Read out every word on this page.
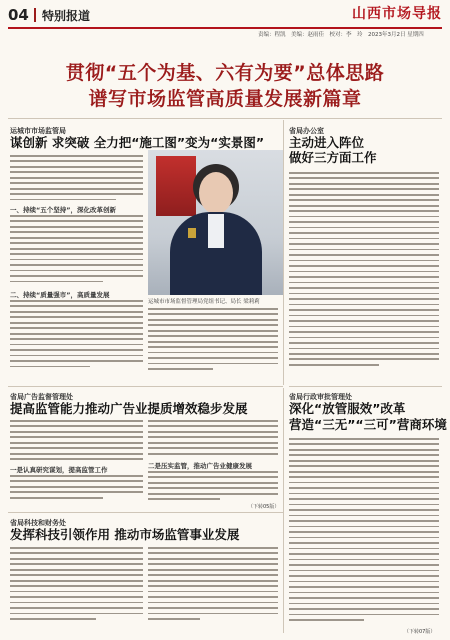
04 特别报道	山西市场导报
责编：程凯　美编：赵雨佳　校对：李　玲　2023年3月2日 星期四
贯彻“五个为基、六有为要”总体思路
谱写市场监管高质量发展新篇章
运城市市场监管局
谋创新 求突破 全力把“施工图”变为“实景图”
省局办公室
主动进入阵位
做好三方面工作
一、持续“五个坚持”，深化改革创新
二、持续“质量强市”，高质量发展
运城市市场监督管理局党组书记、局长 梁莉莉
省局广告监督管理处
提高监管能力推动广告业提质增效稳步发展
一是认真研究谋划，提高监管工作	二是压实监管，推动广告业健康发展
（下转05版）
省局科技和财务处
发挥科技引领作用 推动市场监管事业发展
省局行政审批管理处
深化“放管服效”改革
营造“三无”“三可”营商环境
（下转07版）
